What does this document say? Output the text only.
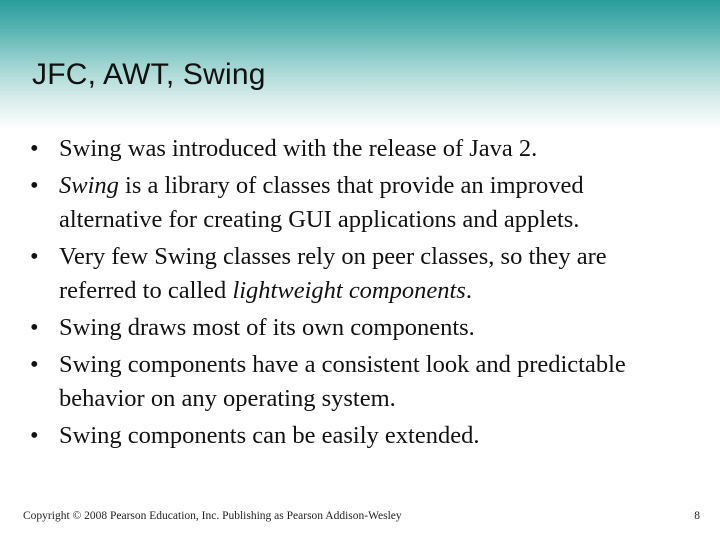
JFC, AWT, Swing
• Swing was introduced with the release of Java 2.
• Swing is a library of classes that provide an improved alternative for creating GUI applications and applets.
• Very few Swing classes rely on peer classes, so they are referred to called lightweight components.
• Swing draws most of its own components.
• Swing components have a consistent look and predictable behavior on any operating system.
• Swing components can be easily extended.
Copyright © 2008 Pearson Education, Inc. Publishing as Pearson Addison-Wesley	8
